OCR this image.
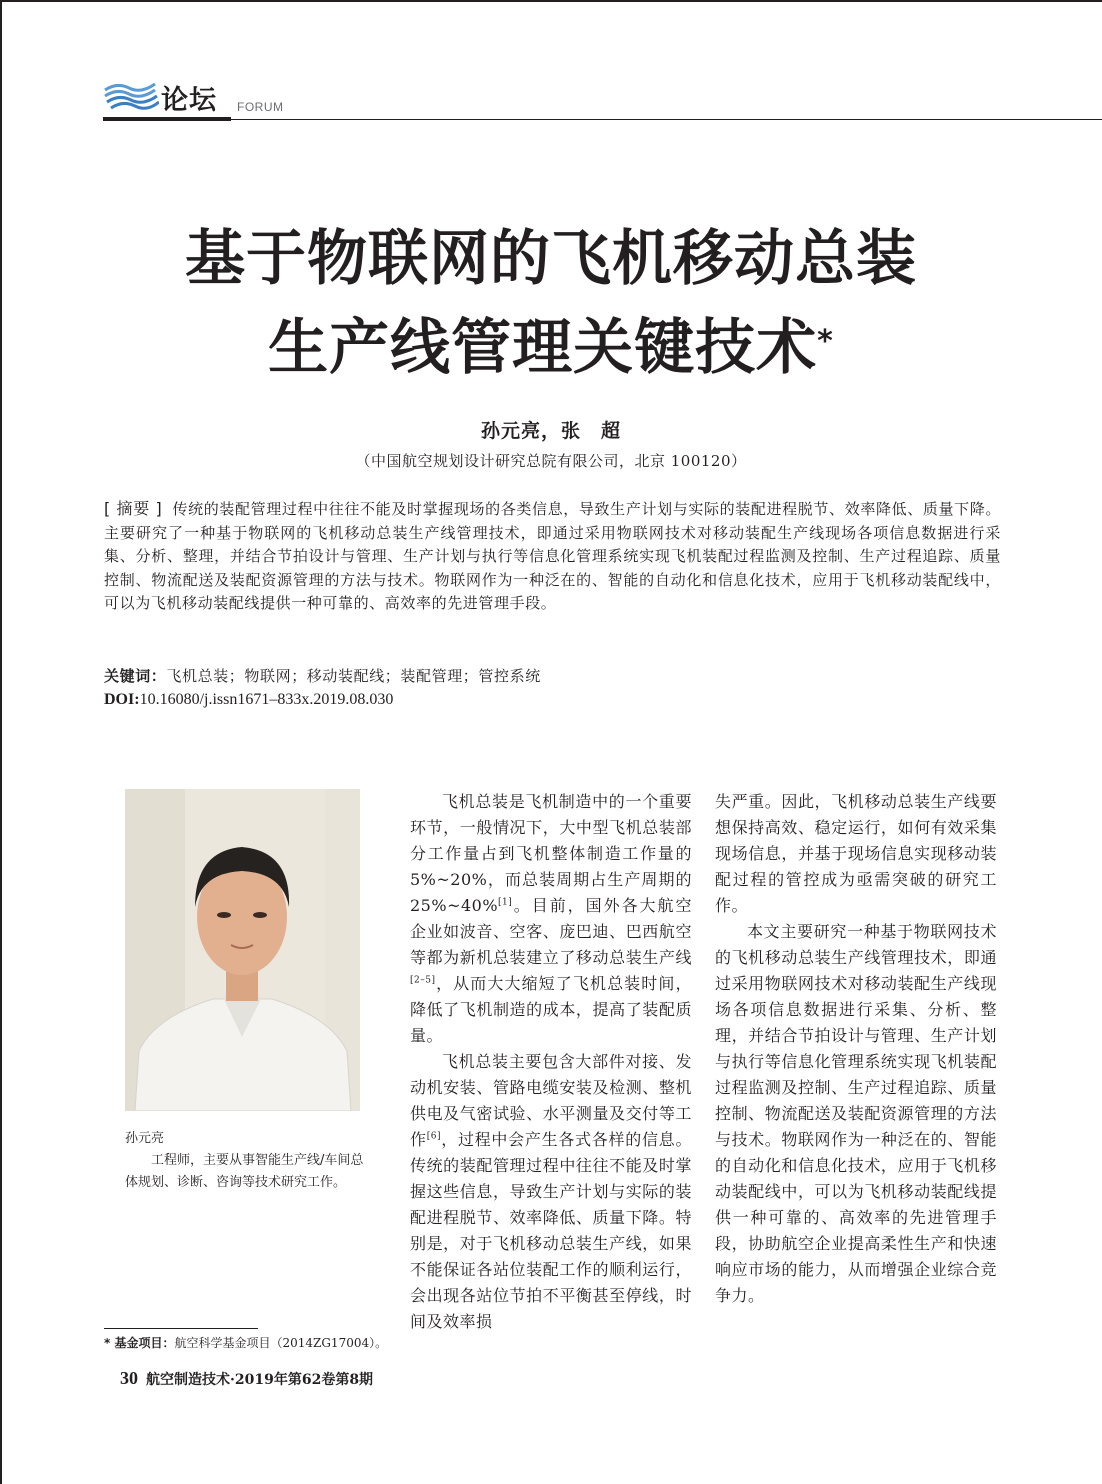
论坛 FORUM
基于物联网的飞机移动总装
生产线管理关键技术*
孙元亮，张　超
（中国航空规划设计研究总院有限公司，北京 100120）
[ 摘要 ] 传统的装配管理过程中往往不能及时掌握现场的各类信息，导致生产计划与实际的装配进程脱节、效率降低、质量下降。主要研究了一种基于物联网的飞机移动总装生产线管理技术，即通过采用物联网技术对移动装配生产线现场各项信息数据进行采集、分析、整理，并结合节拍设计与管理、生产计划与执行等信息化管理系统实现飞机装配过程监测及控制、生产过程追踪、质量控制、物流配送及装配资源管理的方法与技术。物联网作为一种泛在的、智能的自动化和信息化技术，应用于飞机移动装配线中，可以为飞机移动装配线提供一种可靠的、高效率的先进管理手段。
关键词：飞机总装；物联网；移动装配线；装配管理；管控系统
DOI:10.16080/j.issn1671–833x.2019.08.030
孙元亮
工程师，主要从事智能生产线/车间总体规划、诊断、咨询等技术研究工作。
* 基金项目：航空科学基金项目（2014ZG17004）。

飞机总装是飞机制造中的一个重要环节，一般情况下，大中型飞机总装部分工作量占到飞机整体制造工作量的 5%~20%，而总装周期占生产周期的 25%~40%[1]。目前，国外各大航空企业如波音、空客、庞巴迪、巴西航空等都为新机总装建立了移动总装生产线[2–5]，从而大大缩短了飞机总装时间，降低了飞机制造的成本，提高了装配质量。

飞机总装主要包含大部件对接、发动机安装、管路电缆安装及检测、整机供电及气密试验、水平测量及交付等工作[6]，过程中会产生各式各样的信息。传统的装配管理过程中往往不能及时掌握这些信息，导致生产计划与实际的装配进程脱节、效率降低、质量下降。特别是，对于飞机移动总装生产线，如果不能保证各站位装配工作的顺利运行，会出现各站位节拍不平衡甚至停线，时间及效率损

失严重。因此，飞机移动总装生产线要想保持高效、稳定运行，如何有效采集现场信息，并基于现场信息实现移动装配过程的管控成为亟需突破的研究工作。

本文主要研究一种基于物联网技术的飞机移动总装生产线管理技术，即通过采用物联网技术对移动装配生产线现场各项信息数据进行采集、分析、整理，并结合节拍设计与管理、生产计划与执行等信息化管理系统实现飞机装配过程监测及控制、生产过程追踪、质量控制、物流配送及装配资源管理的方法与技术。物联网作为一种泛在的、智能的自动化和信息化技术，应用于飞机移动装配线中，可以为飞机移动装配线提供一种可靠的、高效率的先进管理手段，协助航空企业提高柔性生产和快速响应市场的能力，从而增强企业综合竞争力。

30 航空制造技术·2019年第62卷第8期
